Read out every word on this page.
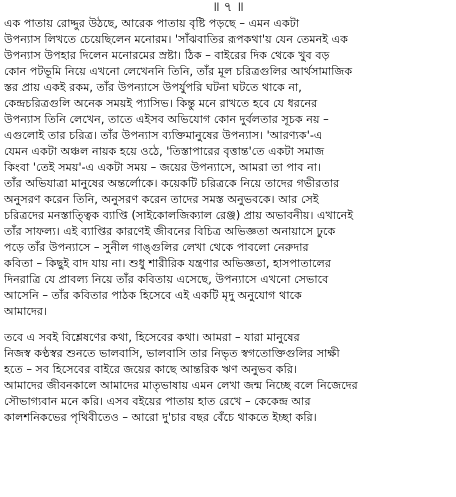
॥ ৭ ॥
এক পাতায় রোদ্দুর উঠছে, আরেক পাতায় বৃষ্টি পড়ছে – এমন একটা
উপন্যাস লিখতে চেয়েছিলেন মনোরম। 'সাঁঝবাতির রূপকথা'য় যেন তেমনই এক
উপন্যাস উপহার দিলেন মনোরমের স্রষ্টা। ঠিক – বাইরের দিক থেকে খুব বড়
কোন পটভূমি নিয়ে এখনো লেখেননি তিনি, তাঁর মূল চরিত্রগুলির আর্থসামাজিক
স্তর প্রায় একই রকম, তাঁর উপন্যাসে উপর্যুপরি ঘটনা ঘটতে থাকে না,
কেন্দ্রচরিত্রগুলি অনেক সময়ই প্যাসিভ। কিন্তু মনে রাখতে হবে যে ধরনের
উপন্যাস তিনি লেখেন, তাতে এইসব অভিযোগ কোন দুর্বলতার সূচক নয় –
এগুলোই তার চরিত্র। তাঁর উপন্যাস ব্যক্তিমানুষের উপন্যাস। 'আরণ্যক'-এ
যেমন একটা অঞ্চল নায়ক হয়ে ওঠে, 'তিস্তাপারের বৃত্তান্ত'তে একটা সমাজ
কিংবা 'তেই সময়'-এ একটা সময় – জয়ের উপন্যাসে, আমরা তা পাব না।
তাঁর অভিযাত্রা মানুষের অন্তর্লোকে। কয়েকটি চরিত্রকে নিয়ে তাদের গভীরতার
অনুসরণ করেন তিনি, অনুসরণ করেন তাদের সমস্ত অনুভবকে। আর সেই
চরিত্রদের মনস্তাত্ত্বিক ব্যাপ্তি (সাইকোলজিক্যাল রেঞ্জ) প্রায় অভাবনীয়। এখানেই
তাঁর সাফল্য। এই ব্যাপ্তির কারণেই জীবনের বিচিত্র অভিজ্ঞতা অনায়াসে ঢুকে
পড়ে তাঁর উপন্যাসে – সুনীল গাঙ্গুলির লেখা থেকে পাবলো নেরুদার
কবিতা – কিছুই বাদ যায় না। শুধু শারীরিক যন্ত্রণার অভিজ্ঞতা, হাসপাতালের
দিনরাত্রি যে প্রাবল্য নিয়ে তাঁর কবিতায় এসেছে, উপন্যাসে এখনো সেভাবে
আসেনি – তাঁর কবিতার পাঠক হিসেবে এই একটি মৃদু অনুযোগ থাকে
আমাদের।
তবে এ সবই বিশ্লেষণের কথা, হিসেবের কথা। আমরা – যারা মানুষের
নিজস্ব কণ্ঠস্বর শুনতে ভালবাসি, ভালবাসি তার নিভৃত স্বগতোক্তিগুলির সাক্ষী
হতে – সব হিসেবের বাইরে জয়ের কাছে আন্তরিক ঋণ অনুভব করি।
আমাদের জীবনকালে আমাদের মাতৃভাষায় এমন লেখা জন্ম নিচ্ছে বলে নিজেদের
সৌভাগ্যবান মনে করি। এসব বইয়ের পাতায় হাত রেখে – কেকেন্দ্র আর
কালশনিকভের পৃথিবীতেও – আরো দু'চার বছর বেঁচে থাকতে ইচ্ছা করি।
